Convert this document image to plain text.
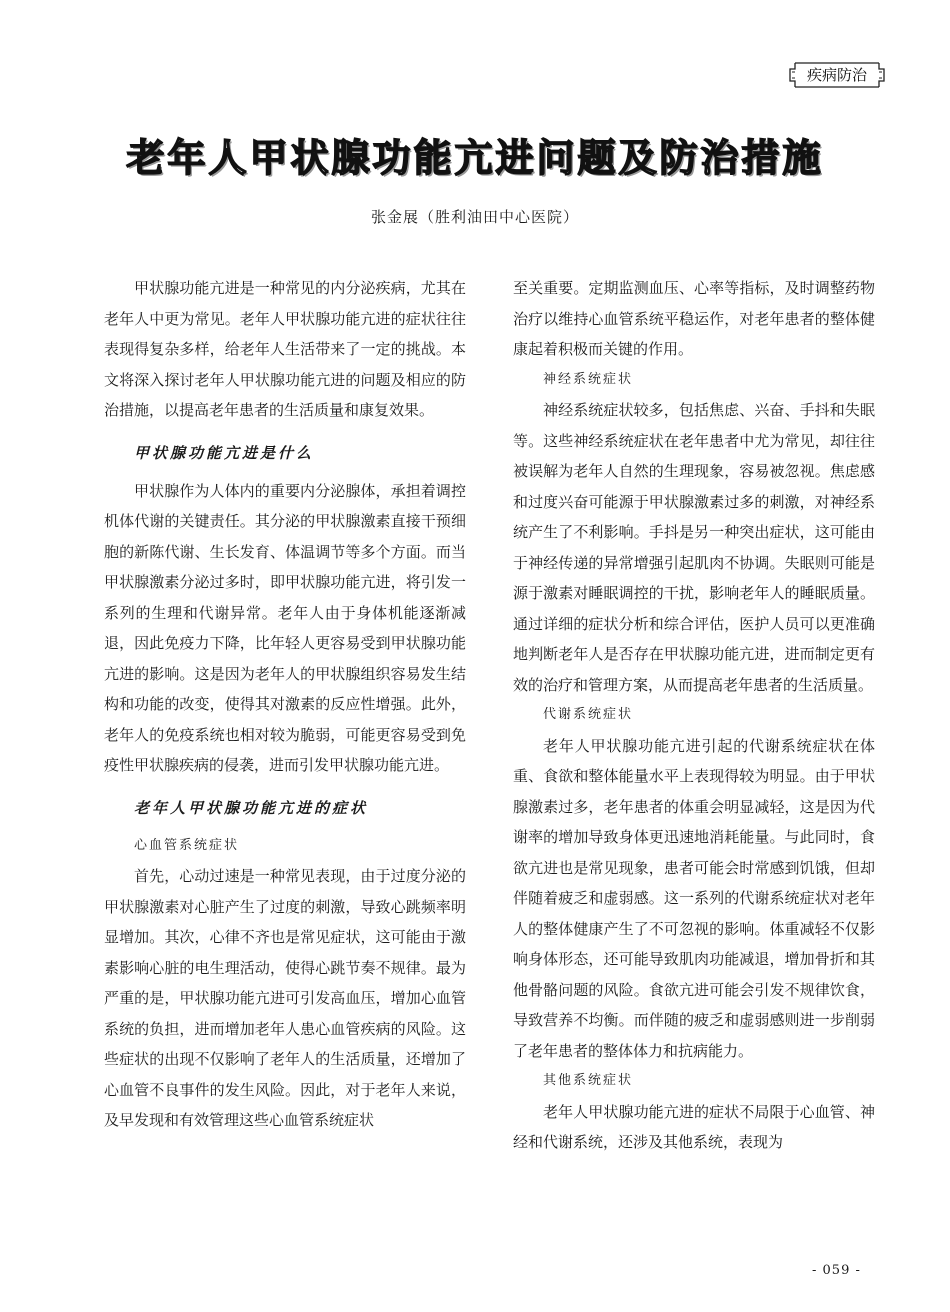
疾病防治
老年人甲状腺功能亢进问题及防治措施
张金展（胜利油田中心医院）

甲状腺功能亢进是一种常见的内分泌疾病，尤其在老年人中更为常见。老年人甲状腺功能亢进的症状往往表现得复杂多样，给老年人生活带来了一定的挑战。本文将深入探讨老年人甲状腺功能亢进的问题及相应的防治措施，以提高老年患者的生活质量和康复效果。

甲状腺功能亢进是什么

甲状腺作为人体内的重要内分泌腺体，承担着调控机体代谢的关键责任。其分泌的甲状腺激素直接干预细胞的新陈代谢、生长发育、体温调节等多个方面。而当甲状腺激素分泌过多时，即甲状腺功能亢进，将引发一系列的生理和代谢异常。老年人由于身体机能逐渐减退，因此免疫力下降，比年轻人更容易受到甲状腺功能亢进的影响。这是因为老年人的甲状腺组织容易发生结构和功能的改变，使得其对激素的反应性增强。此外，老年人的免疫系统也相对较为脆弱，可能更容易受到免疫性甲状腺疾病的侵袭，进而引发甲状腺功能亢进。

老年人甲状腺功能亢进的症状
心血管系统症状

首先，心动过速是一种常见表现，由于过度分泌的甲状腺激素对心脏产生了过度的刺激，导致心跳频率明显增加。其次，心律不齐也是常见症状，这可能由于激素影响心脏的电生理活动，使得心跳节奏不规律。最为严重的是，甲状腺功能亢进可引发高血压，增加心血管系统的负担，进而增加老年人患心血管疾病的风险。这些症状的出现不仅影响了老年人的生活质量，还增加了心血管不良事件的发生风险。因此，对于老年人来说，及早发现和有效管理这些心血管系统症状

至关重要。定期监测血压、心率等指标，及时调整药物治疗以维持心血管系统平稳运作，对老年患者的整体健康起着积极而关键的作用。

神经系统症状

神经系统症状较多，包括焦虑、兴奋、手抖和失眠等。这些神经系统症状在老年患者中尤为常见，却往往被误解为老年人自然的生理现象，容易被忽视。焦虑感和过度兴奋可能源于甲状腺激素过多的刺激，对神经系统产生了不利影响。手抖是另一种突出症状，这可能由于神经传递的异常增强引起肌肉不协调。失眠则可能是源于激素对睡眠调控的干扰，影响老年人的睡眠质量。通过详细的症状分析和综合评估，医护人员可以更准确地判断老年人是否存在甲状腺功能亢进，进而制定更有效的治疗和管理方案，从而提高老年患者的生活质量。

代谢系统症状

老年人甲状腺功能亢进引起的代谢系统症状在体重、食欲和整体能量水平上表现得较为明显。由于甲状腺激素过多，老年患者的体重会明显减轻，这是因为代谢率的增加导致身体更迅速地消耗能量。与此同时，食欲亢进也是常见现象，患者可能会时常感到饥饿，但却伴随着疲乏和虚弱感。这一系列的代谢系统症状对老年人的整体健康产生了不可忽视的影响。体重减轻不仅影响身体形态，还可能导致肌肉功能减退，增加骨折和其他骨骼问题的风险。食欲亢进可能会引发不规律饮食，导致营养不均衡。而伴随的疲乏和虚弱感则进一步削弱了老年患者的整体体力和抗病能力。

其他系统症状

老年人甲状腺功能亢进的症状不局限于心血管、神经和代谢系统，还涉及其他系统，表现为

- 059 -
